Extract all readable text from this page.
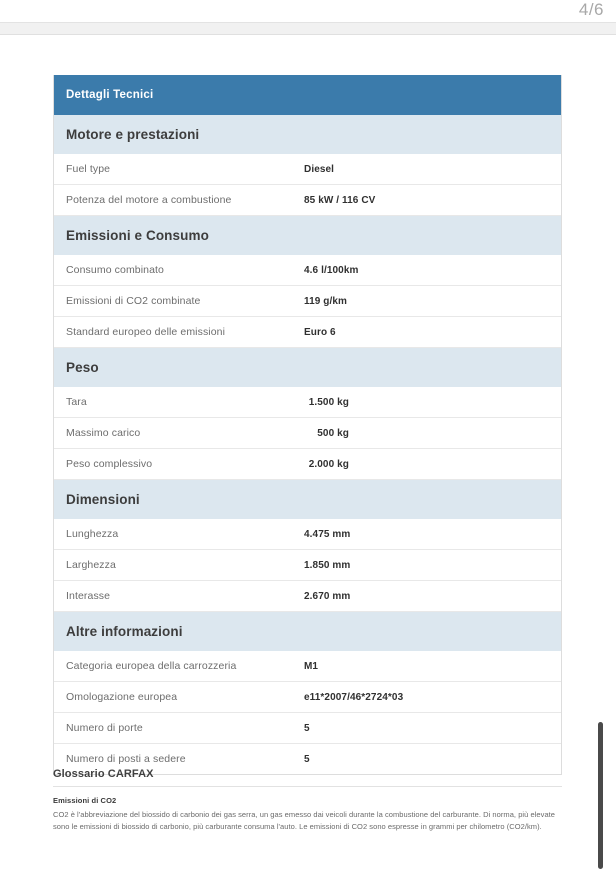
4/6
Dettagli Tecnici
Motore e prestazioni
Fuel type	Diesel
Potenza del motore a combustione	85 kW / 116 CV
Emissioni e Consumo
Consumo combinato	4.6 l/100km
Emissioni di CO2 combinate	119 g/km
Standard europeo delle emissioni	Euro 6
Peso
Tara	1.500 kg
Massimo carico	500 kg
Peso complessivo	2.000 kg
Dimensioni
Lunghezza	4.475 mm
Larghezza	1.850 mm
Interasse	2.670 mm
Altre informazioni
Categoria europea della carrozzeria	M1
Omologazione europea	e11*2007/46*2724*03
Numero di porte	5
Numero di posti a sedere	5
Glossario CARFAX
Emissioni di CO2
CO2 è l'abbreviazione del biossido di carbonio dei gas serra, un gas emesso dai veicoli durante la combustione del carburante. Di norma, più elevate sono le emissioni di biossido di carbonio, più carburante consuma l'auto. Le emissioni di CO2 sono espresse in grammi per chilometro (CO2/km).
